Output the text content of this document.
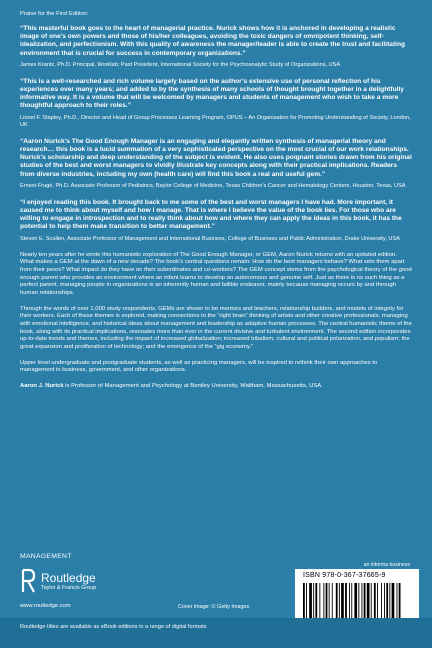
Praise for the First Edition:
“This masterful book goes to the heart of managerial practice. Nurick shows how it is anchored in developing a realistic image of one’s own powers and those of his/her colleagues, avoiding the toxic dangers of omnipotent thinking, self-idealization, and perfectionism. With this quality of awareness the manager/leader is able to create the trust and facilitating environment that is crucial for success in contemporary organizations.”
James Krantz, Ph.D. Principal, Worklab; Past President, International Society for the Psychoanalytic Study of Organizations, USA
“This is a well-researched and rich volume largely based on the author’s extensive use of personal reflection of his experiences over many years; and added to by the synthesis of many schools of thought brought together in a delightfully informative way. It is a volume that will be welcomed by managers and students of management who wish to take a more thoughtful approach to their roles.”
Lionel F. Stapley, Ph.D., Director and Head of Group Processes Learning Program, OPUS – An Organisation for Promoting Understanding of Society, London, UK
“Aaron Nurick’s The Good Enough Manager is an engaging and elegantly written synthesis of managerial theory and research… this book is a lucid summation of a very sophisticated perspective on the most crucial of our work relationships. Nurick’s scholarship and deep understanding of the subject is evident. He also uses poignant stories drawn from his original studies of the best and worst managers to vividly illustrate key concepts along with their practical implications. Readers from diverse industries, including my own (health care) will find this book a real and useful gem.”
Ernest Frugé, Ph.D. Associate Professor of Pediatrics, Baylor College of Medicine, Texas Children’s Cancer and Hematology Centers, Houston, Texas, USA
“I enjoyed reading this book. It brought back to me some of the best and worst managers I have had. More important, it caused me to think about myself and how I manage. That is where I believe the value of the book lies. For those who are willing to engage in introspection and to really think about how and where they can apply the ideas in this book, it has the potential to help them make transition to better management.”
Steven E. Scullen, Associate Professor of Management and International Business, College of Business and Public Administration, Drake University, USA
Nearly ten years after he wrote this humanistic exploration of The Good Enough Manager, or GEM, Aaron Nurick returns with an updated edition. What makes a GEM at the dawn of a new decade? The book’s central questions remain: How do the best managers behave? What sets them apart from their peers? What impact do they have on their subordinates and co-workers? The GEM concept stems from the psychological theory of the good enough parent who provides an environment where an infant learns to develop an autonomous and genuine self. Just as there is no such thing as a perfect parent, managing people in organizations is an inherently human and fallible endeavor, mainly because managing occurs by and through human relationships.
Through the words of over 1,000 study respondents, GEMs are shown to be mentors and teachers, relationship builders, and models of integrity for their workers. Each of these themes is explored, making connections to the “right brain” thinking of artists and other creative professionals, managing with emotional intelligence, and historical ideas about management and leadership as adaptive human processes. The central humanistic theme of the book, along with its practical implications, resonates more than ever in the current divisive and turbulent environment. The second edition incorporates up-to-date trends and themes, including the impact of increased globalization; increased tribalism, cultural and political polarization, and populism; the great expansion and proliferation of technology; and the emergence of the “gig economy.”
Upper level undergraduate and postgraduate students, as well as practicing managers, will be inspired to rethink their own approaches to management in business, government, and other organizations.
Aaron J. Nurick is Professor of Management and Psychology at Bentley University, Waltham, Massachusetts, USA.
MANAGEMENT
Routledge
Taylor & Francis Group
www.routledge.com	Cover image: © Getty Images
an informa business
ISBN 978-0-367-37665-9
Routledge titles are available as eBook editions in a range of digital formats
